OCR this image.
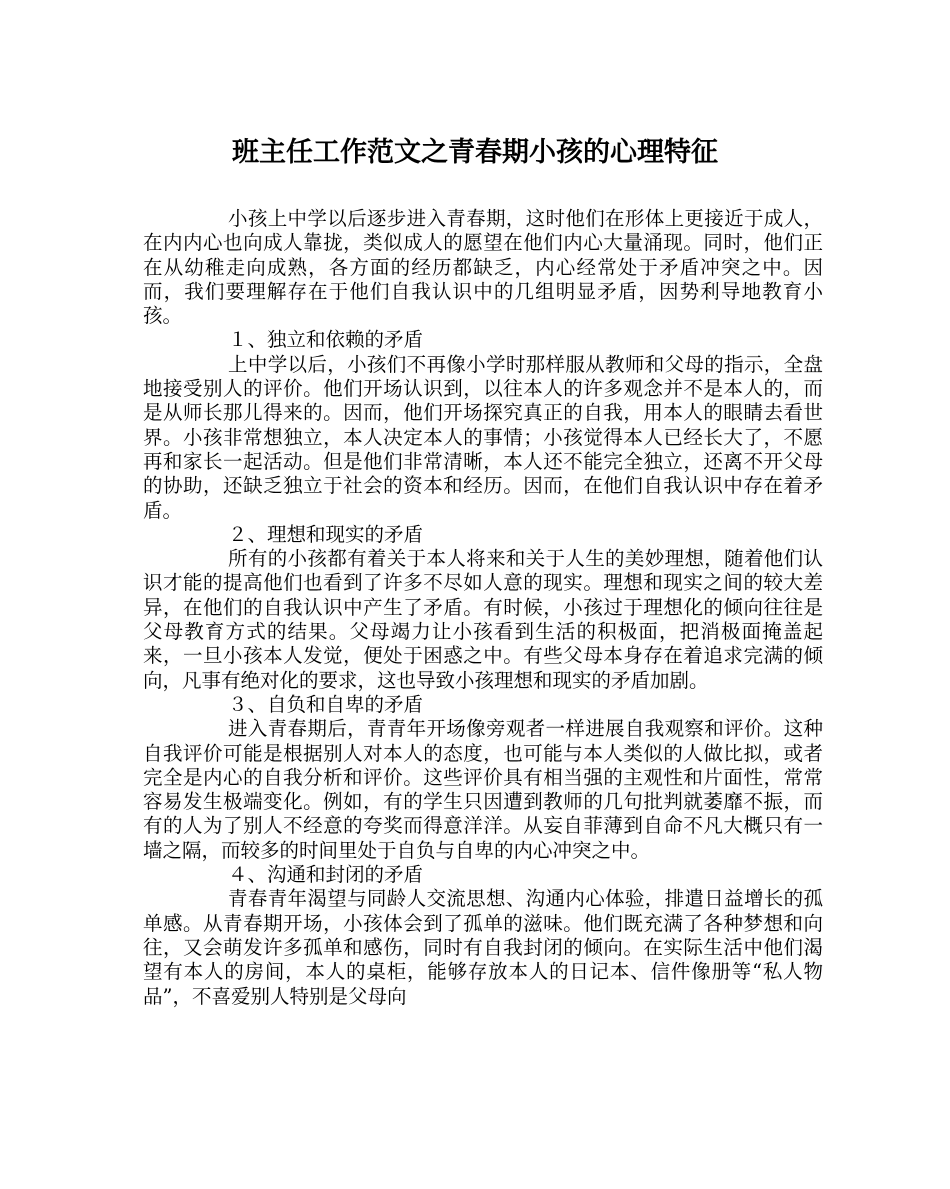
班主任工作范文之青春期小孩的心理特征

小孩上中学以后逐步进入青春期，这时他们在形体上更接近于成人，在内内心也向成人靠拢，类似成人的愿望在他们内心大量涌现。同时，他们正在从幼稚走向成熟，各方面的经历都缺乏，内心经常处于矛盾冲突之中。因而，我们要理解存在于他们自我认识中的几组明显矛盾，因势利导地教育小孩。

１、独立和依赖的矛盾

上中学以后，小孩们不再像小学时那样服从教师和父母的指示，全盘地接受别人的评价。他们开场认识到，以往本人的许多观念并不是本人的，而是从师长那儿得来的。因而，他们开场探究真正的自我，用本人的眼睛去看世界。小孩非常想独立，本人决定本人的事情；小孩觉得本人已经长大了，不愿再和家长一起活动。但是他们非常清晰，本人还不能完全独立，还离不开父母的协助，还缺乏独立于社会的资本和经历。因而，在他们自我认识中存在着矛盾。

２、理想和现实的矛盾

所有的小孩都有着关于本人将来和关于人生的美妙理想，随着他们认识才能的提高他们也看到了许多不尽如人意的现实。理想和现实之间的较大差异，在他们的自我认识中产生了矛盾。有时候，小孩过于理想化的倾向往往是父母教育方式的结果。父母竭力让小孩看到生活的积极面，把消极面掩盖起来，一旦小孩本人发觉，便处于困惑之中。有些父母本身存在着追求完满的倾向，凡事有绝对化的要求，这也导致小孩理想和现实的矛盾加剧。

３、自负和自卑的矛盾

进入青春期后，青青年开场像旁观者一样进展自我观察和评价。这种自我评价可能是根据别人对本人的态度，也可能与本人类似的人做比拟，或者完全是内心的自我分析和评价。这些评价具有相当强的主观性和片面性，常常容易发生极端变化。例如，有的学生只因遭到教师的几句批判就萎靡不振，而有的人为了别人不经意的夸奖而得意洋洋。从妄自菲薄到自命不凡大概只有一墙之隔，而较多的时间里处于自负与自卑的内心冲突之中。

４、沟通和封闭的矛盾

青春青年渴望与同龄人交流思想、沟通内心体验，排遣日益增长的孤单感。从青春期开场，小孩体会到了孤单的滋味。他们既充满了各种梦想和向往，又会萌发许多孤单和感伤，同时有自我封闭的倾向。在实际生活中他们渴望有本人的房间，本人的桌柜，能够存放本人的日记本、信件像册等“私人物品”，不喜爱别人特别是父母向
